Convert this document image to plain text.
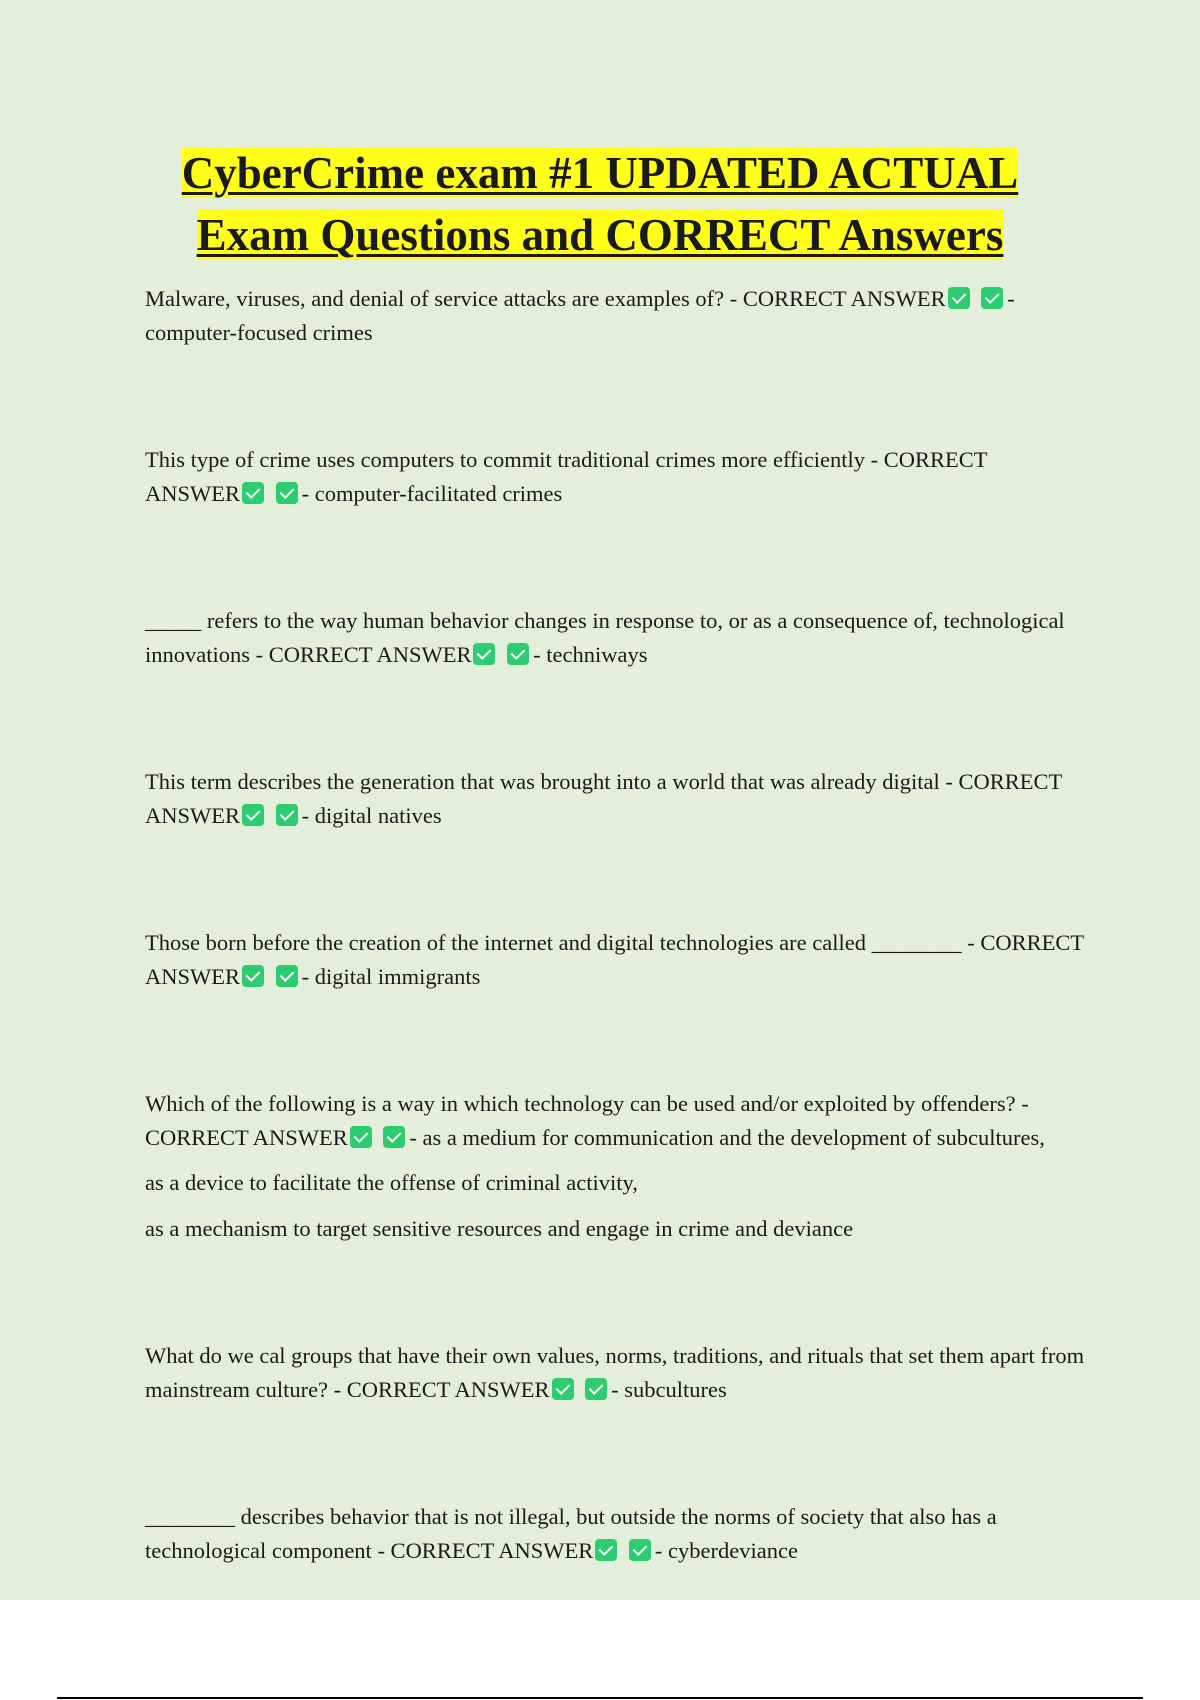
CyberCrime exam #1 UPDATED ACTUAL
Exam Questions and CORRECT Answers

Malware, viruses, and denial of service attacks are examples of? - CORRECT ANSWER	- computer-focused crimes

This type of crime uses computers to commit traditional crimes more efficiently - CORRECT ANSWER	- computer-facilitated crimes

_____ refers to the way human behavior changes in response to, or as a consequence of, technological innovations - CORRECT ANSWER	- techniways

This term describes the generation that was brought into a world that was already digital - CORRECT ANSWER	- digital natives

Those born before the creation of the internet and digital technologies are called ________ - CORRECT ANSWER	- digital immigrants

Which of the following is a way in which technology can be used and/or exploited by offenders? - CORRECT ANSWER	- as a medium for communication and the development of subcultures,

as a device to facilitate the offense of criminal activity,

as a mechanism to target sensitive resources and engage in crime and deviance

What do we cal groups that have their own values, norms, traditions, and rituals that set them apart from mainstream culture? - CORRECT ANSWER	- subcultures

________ describes behavior that is not illegal, but outside the norms of society that also has a technological component - CORRECT ANSWER	- cyberdeviance
